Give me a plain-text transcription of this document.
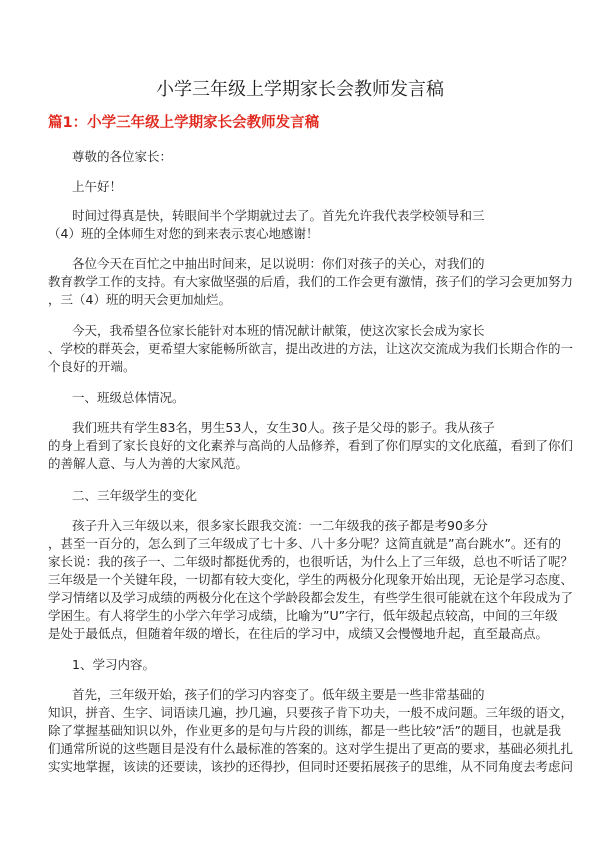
小学三年级上学期家长会教师发言稿
篇1：小学三年级上学期家长会教师发言稿
尊敬的各位家长：
上午好！
时间过得真是快，转眼间半个学期就过去了。首先允许我代表学校领导和三
（4）班的全体师生对您的到来表示衷心地感谢！
各位今天在百忙之中抽出时间来，足以说明：你们对孩子的关心，对我们的
教育教学工作的支持。有大家做坚强的后盾，我们的工作会更有激情，孩子们的学习会更加努力
，三（4）班的明天会更加灿烂。
今天，我希望各位家长能针对本班的情况献计献策，使这次家长会成为家长
、学校的群英会，更希望大家能畅所欲言，提出改进的方法，让这次交流成为我们长期合作的一
个良好的开端。
一、班级总体情况。
我们班共有学生83名，男生53人，女生30人。孩子是父母的影子。我从孩子
的身上看到了家长良好的文化素养与高尚的人品修养，看到了你们厚实的文化底蕴，看到了你们
的善解人意、与人为善的大家风范。
二、三年级学生的变化
孩子升入三年级以来，很多家长跟我交流：一二年级我的孩子都是考90多分
，甚至一百分的，怎么到了三年级成了七十多、八十多分呢？这简直就是”高台跳水”。还有的
家长说：我的孩子一、二年级时都挺优秀的，也很听话，为什么上了三年级，总也不听话了呢？
三年级是一个关键年段，一切都有较大变化，学生的两极分化现象开始出现，无论是学习态度、
学习情绪以及学习成绩的两极分化在这个学龄段都会发生，有些学生很可能就在这个年段成为了
学困生。有人将学生的小学六年学习成绩，比喻为”U”字行，低年级起点较高，中间的三年级
是处于最低点，但随着年级的增长，在往后的学习中，成绩又会慢慢地升起，直至最高点。
1、学习内容。
首先，三年级开始，孩子们的学习内容变了。低年级主要是一些非常基础的
知识，拼音、生字、词语读几遍，抄几遍，只要孩子肯下功夫，一般不成问题。三年级的语文，
除了掌握基础知识以外，作业更多的是句与片段的训练，都是一些比较”活”的题目，也就是我
们通常所说的这些题目是没有什么最标准的答案的。这对学生提出了更高的要求，基础必须扎扎
实实地掌握，该读的还要读，该抄的还得抄，但同时还要拓展孩子的思维，从不同角度去考虑问
